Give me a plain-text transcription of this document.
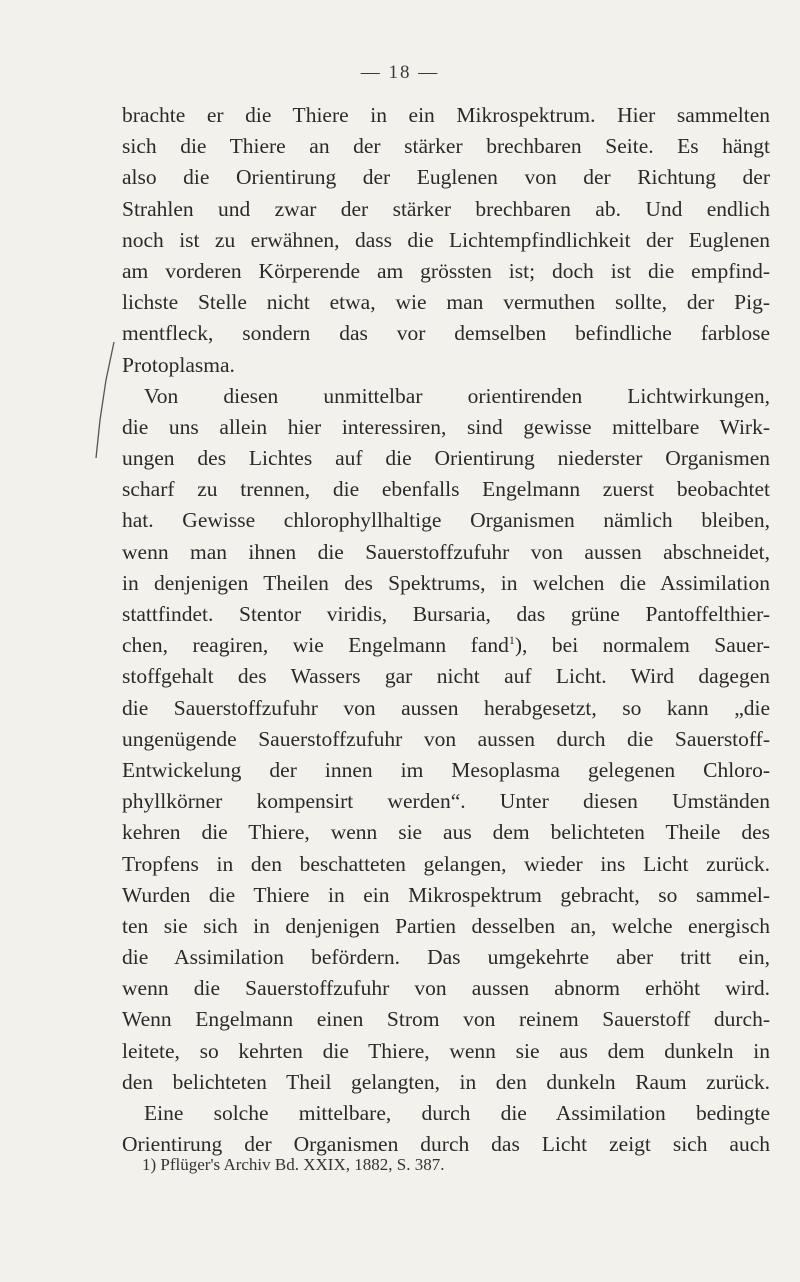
— 18 —
brachte er die Thiere in ein Mikrospektrum. Hier sammelten
sich die Thiere an der stärker brechbaren Seite. Es hängt
also die Orientirung der Euglenen von der Richtung der
Strahlen und zwar der stärker brechbaren ab. Und endlich
noch ist zu erwähnen, dass die Lichtempfindlichkeit der Euglenen
am vorderen Körperende am grössten ist; doch ist die empfind-
lichste Stelle nicht etwa, wie man vermuthen sollte, der Pig-
mentfleck, sondern das vor demselben befindliche farblose
Protoplasma.
Von diesen unmittelbar orientirenden Lichtwirkungen,
die uns allein hier interessiren, sind gewisse mittelbare Wirk-
ungen des Lichtes auf die Orientirung niederster Organismen
scharf zu trennen, die ebenfalls Engelmann zuerst beobachtet
hat. Gewisse chlorophyllhaltige Organismen nämlich bleiben,
wenn man ihnen die Sauerstoffzufuhr von aussen abschneidet,
in denjenigen Theilen des Spektrums, in welchen die Assimilation
stattfindet. Stentor viridis, Bursaria, das grüne Pantoffelthier-
chen, reagiren, wie Engelmann fand$^1$), bei normalem Sauer-
stoffgehalt des Wassers gar nicht auf Licht. Wird dagegen
die Sauerstoffzufuhr von aussen herabgesetzt, so kann „die
ungenügende Sauerstoffzufuhr von aussen durch die Sauerstoff-
Entwickelung der innen im Mesoplasma gelegenen Chloro-
phyllkörner kompensirt werden“. Unter diesen Umständen
kehren die Thiere, wenn sie aus dem belichteten Theile des
Tropfens in den beschatteten gelangen, wieder ins Licht zurück.
Wurden die Thiere in ein Mikrospektrum gebracht, so sammel-
ten sie sich in denjenigen Partien desselben an, welche energisch
die Assimilation befördern. Das umgekehrte aber tritt ein,
wenn die Sauerstoffzufuhr von aussen abnorm erhöht wird.
Wenn Engelmann einen Strom von reinem Sauerstoff durch-
leitete, so kehrten die Thiere, wenn sie aus dem dunkeln in
den belichteten Theil gelangten, in den dunkeln Raum zurück.
Eine solche mittelbare, durch die Assimilation bedingte
Orientirung der Organismen durch das Licht zeigt sich auch
1) Pflüger's Archiv Bd. XXIX, 1882, S. 387.
